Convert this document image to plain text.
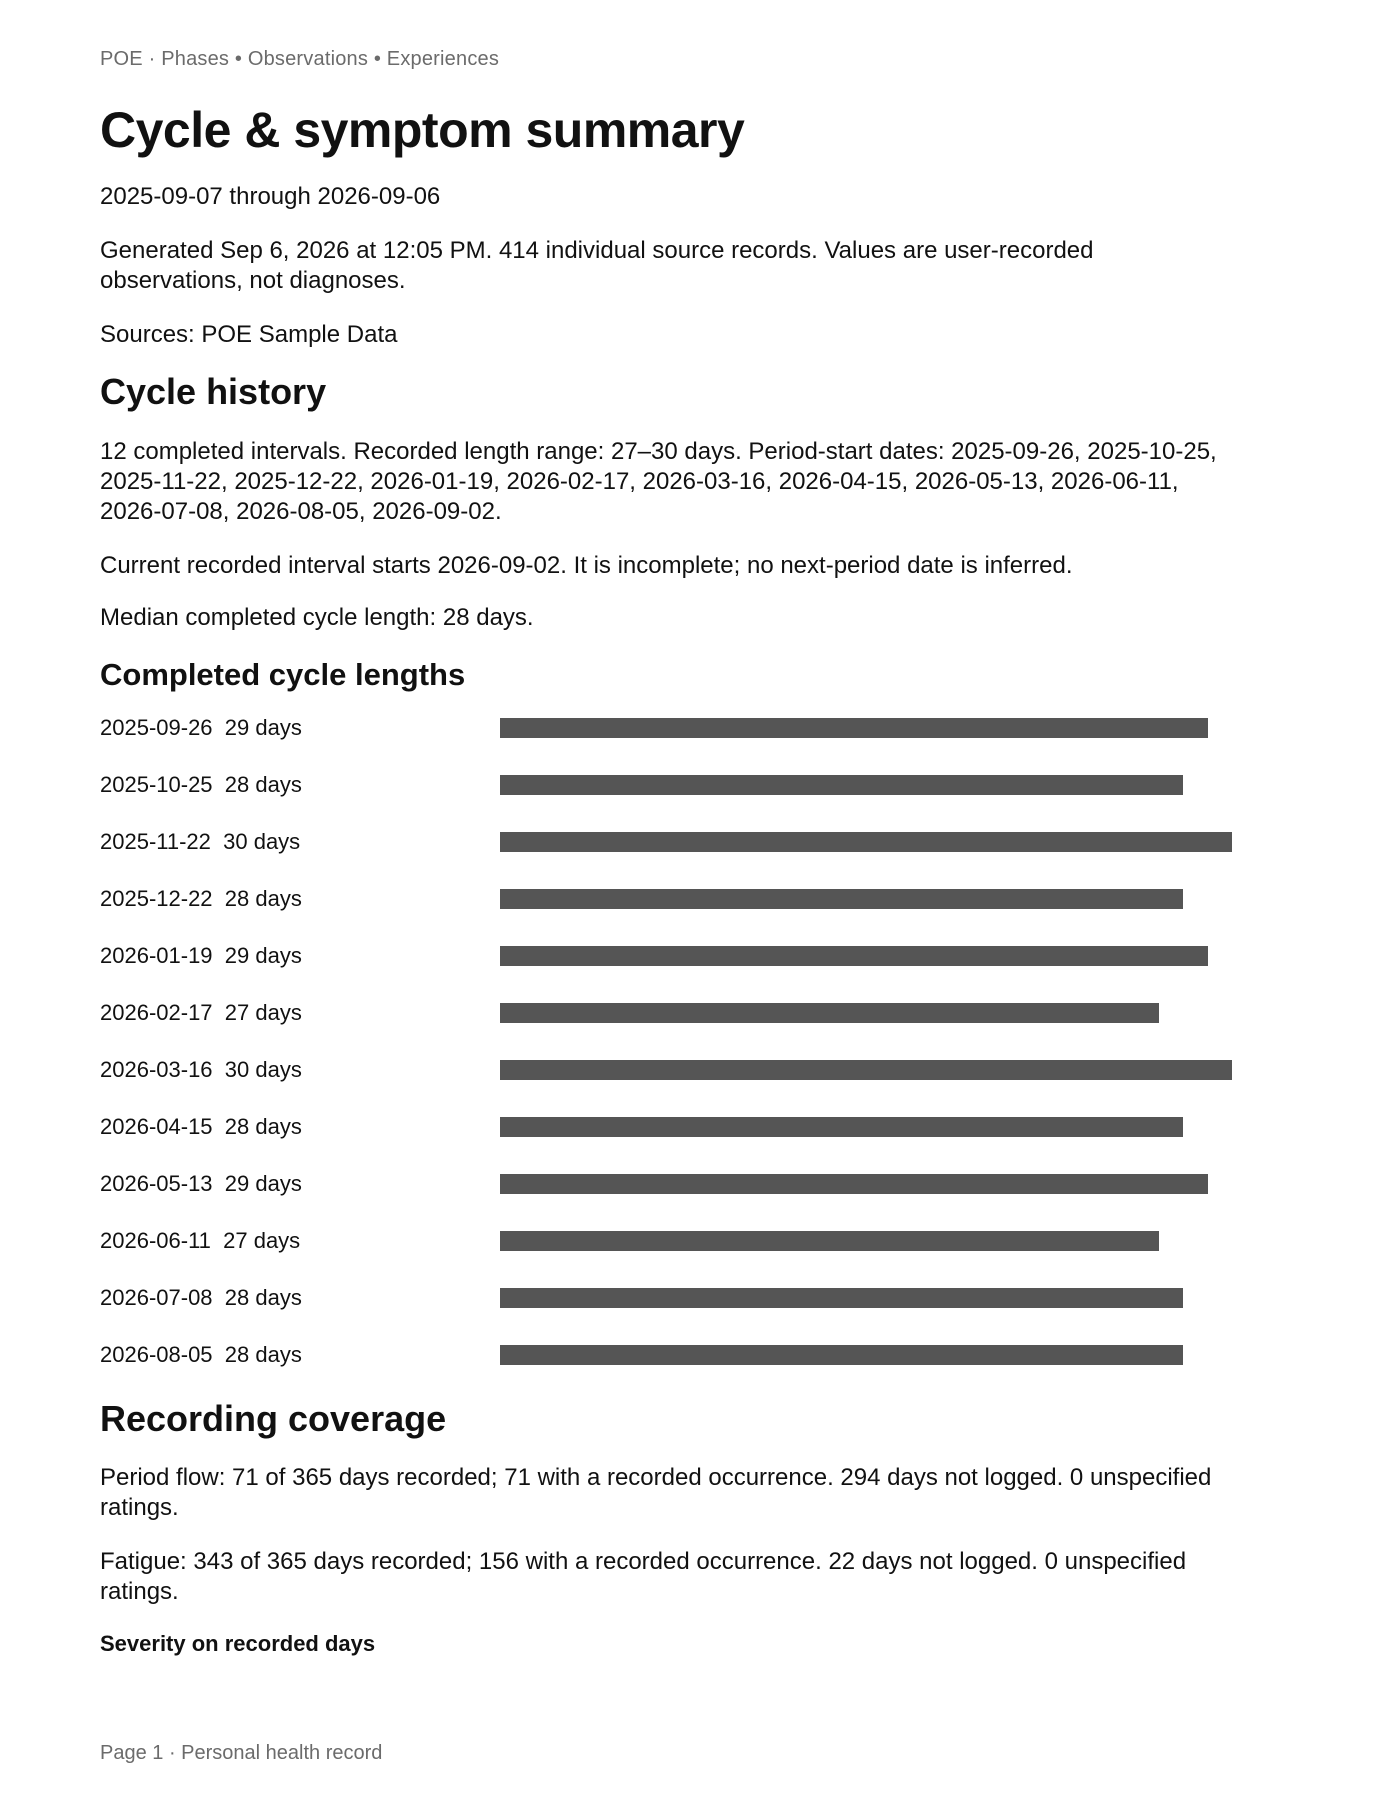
POE · Phases • Observations • Experiences
Cycle & symptom summary

2025-09-07 through 2026-09-06

Generated Sep 6, 2026 at 12:05 PM. 414 individual source records. Values are user-recorded observations, not diagnoses.

Sources: POE Sample Data

Cycle history

12 completed intervals. Recorded length range: 27–30 days. Period-start dates: 2025-09-26, 2025-10-25, 2025-11-22, 2025-12-22, 2026-01-19, 2026-02-17, 2026-03-16, 2026-04-15, 2026-05-13, 2026-06-11, 2026-07-08, 2026-08-05, 2026-09-02.

Current recorded interval starts 2026-09-02. It is incomplete; no next-period date is inferred.

Median completed cycle length: 28 days.

Completed cycle lengths
2025-09-26  29 days
2025-10-25  28 days
2025-11-22  30 days
2025-12-22  28 days
2026-01-19  29 days
2026-02-17  27 days
2026-03-16  30 days
2026-04-15  28 days
2026-05-13  29 days
2026-06-11  27 days
2026-07-08  28 days
2026-08-05  28 days
Recording coverage

Period flow: 71 of 365 days recorded; 71 with a recorded occurrence. 294 days not logged. 0 unspecified ratings.

Fatigue: 343 of 365 days recorded; 156 with a recorded occurrence. 22 days not logged. 0 unspecified ratings.

Severity on recorded days
Page 1 · Personal health record
